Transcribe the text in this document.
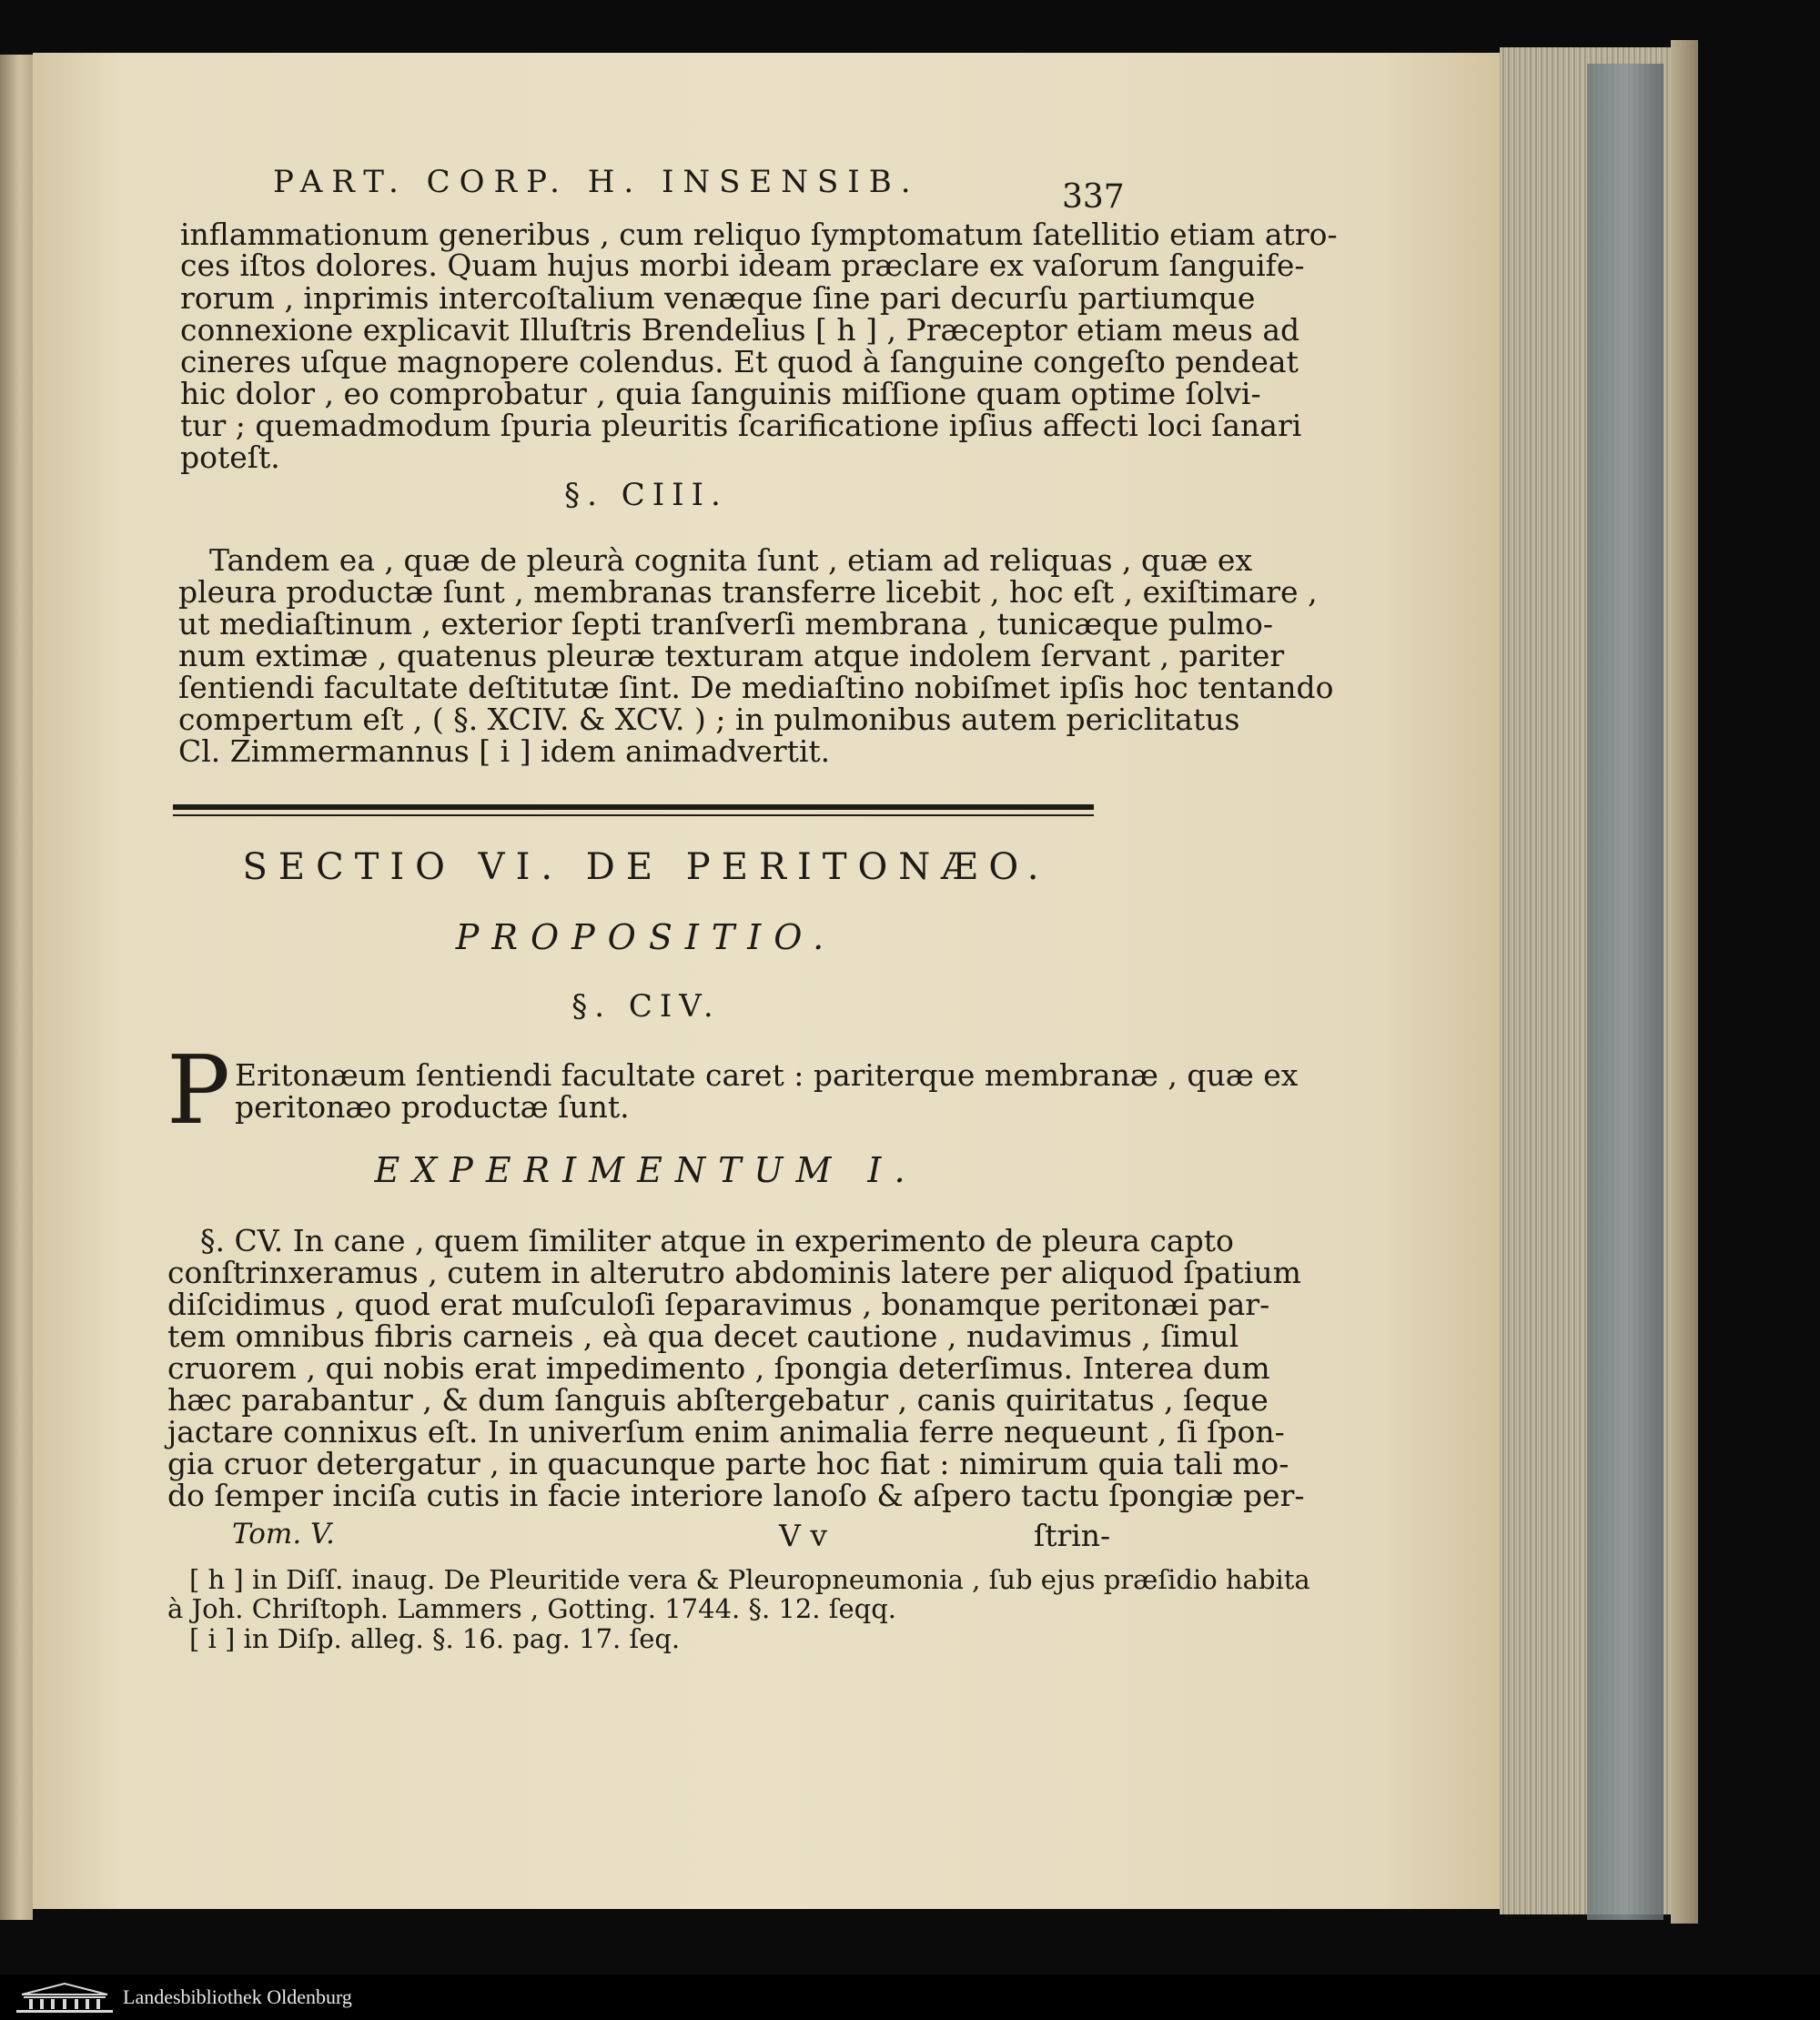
PART. CORP. H. INSENSIB.	337
inflammationum generibus , cum reliquo ſymptomatum ſatellitio etiam atro-
ces iſtos dolores. Quam hujus morbi ideam præclare ex vaſorum ſanguife-
rorum , inprimis intercoſtalium venæque ſine pari decurſu partiumque
connexione explicavit Illuſtris Brendelius [ h ] , Præceptor etiam meus ad
cineres uſque magnopere colendus. Et quod à ſanguine congeſto pendeat
hic dolor , eo comprobatur , quia ſanguinis miſſione quam optime ſolvi-
tur ; quemadmodum ſpuria pleuritis ſcarificatione ipſius affecti loci ſanari
poteſt.
§. CIII.
Tandem ea , quæ de pleurà cognita ſunt , etiam ad reliquas , quæ ex
pleura productæ ſunt , membranas transferre licebit , hoc eſt , exiſtimare ,
ut mediaſtinum , exterior ſepti tranſverſi membrana , tunicæque pulmo-
num extimæ , quatenus pleuræ texturam atque indolem ſervant , pariter
ſentiendi facultate deſtitutæ ſint. De mediaſtino nobiſmet ipſis hoc tentando
compertum eſt , ( §. XCIV. & XCV. ) ; in pulmonibus autem periclitatus
Cl. Zimmermannus [ i ] idem animadvertit.
SECTIO VI. DE PERITONÆO.
PROPOSITIO.
§. CIV.
P Eritonæum ſentiendi facultate caret : pariterque membranæ , quæ ex
peritonæo productæ ſunt.
EXPERIMENTUM I.
§. CV. In cane , quem ſimiliter atque in experimento de pleura capto
conſtrinxeramus , cutem in alterutro abdominis latere per aliquod ſpatium
diſcidimus , quod erat muſculoſi ſeparavimus , bonamque peritonæi par-
tem omnibus fibris carneis , eà qua decet cautione , nudavimus , ſimul
cruorem , qui nobis erat impedimento , ſpongia deterſimus. Interea dum
hæc parabantur , & dum ſanguis abſtergebatur , canis quiritatus , ſeque
jactare connixus eſt. In univerſum enim animalia ferre nequeunt , ſi ſpon-
gia cruor detergatur , in quacunque parte hoc fiat : nimirum quia tali mo-
do ſemper inciſa cutis in facie interiore lanoſo & aſpero tactu ſpongiæ per-
Tom. V.	V v	ſtrin-
[ h ] in Diſſ. inaug. De Pleuritide vera & Pleuropneumonia , ſub ejus præſidio habita
à Joh. Chriſtoph. Lammers , Gotting. 1744. §. 12. ſeqq.
[ i ] in Diſp. alleg. §. 16. pag. 17. ſeq.
Landesbibliothek Oldenburg
